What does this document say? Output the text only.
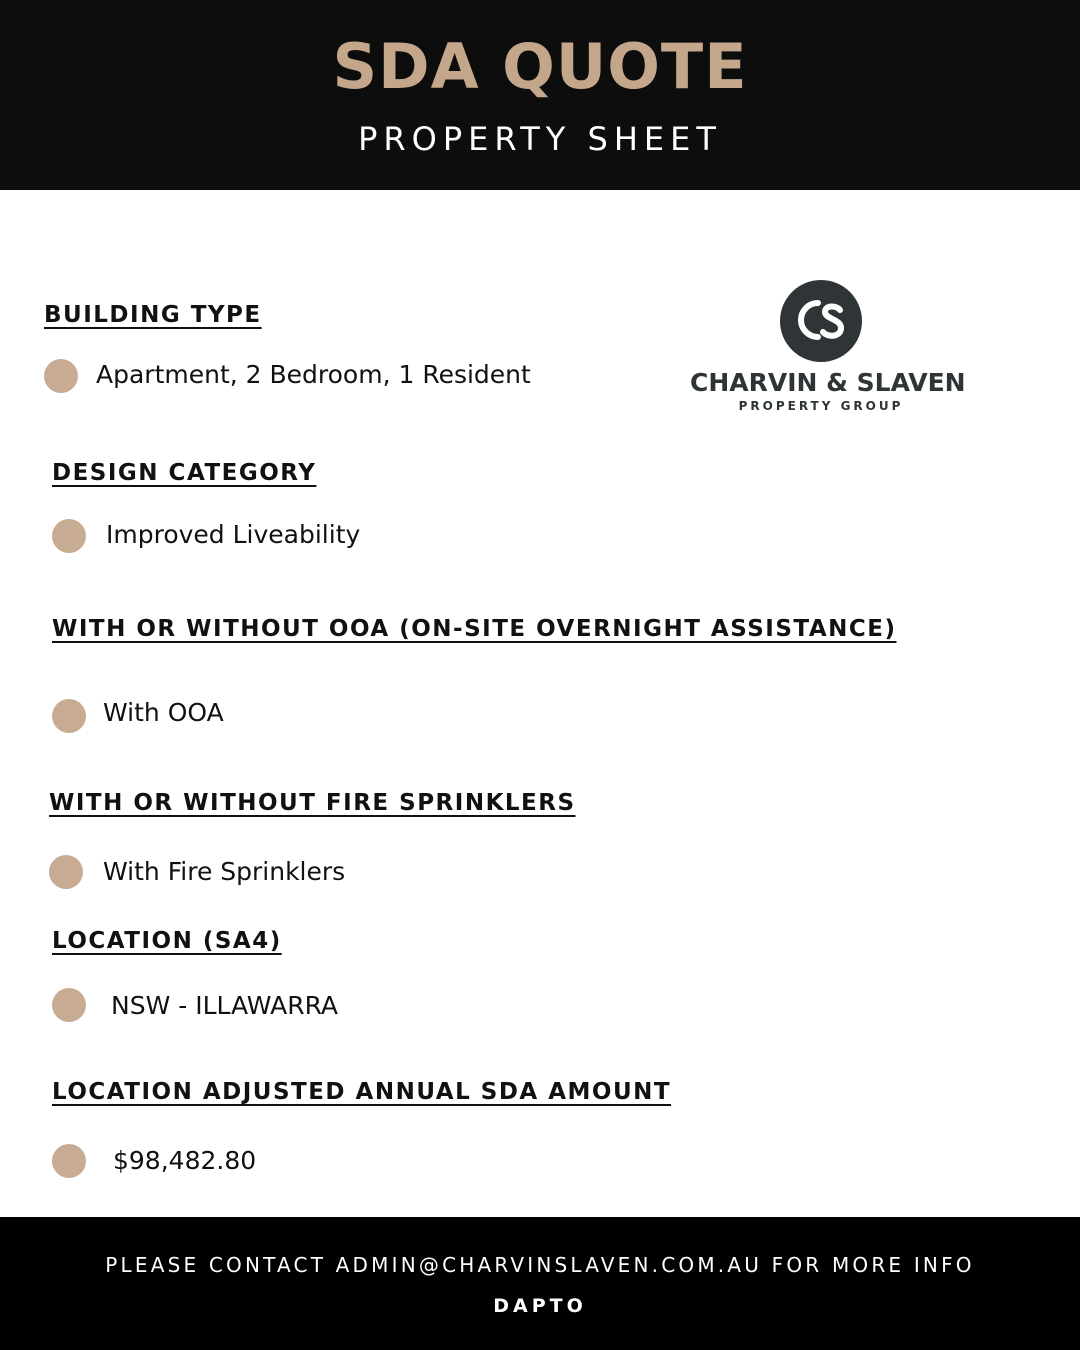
SDA QUOTE
PROPERTY SHEET
BUILDING TYPE
Apartment, 2 Bedroom, 1 Resident	CHARVIN & SLAVEN
PROPERTY GROUP
DESIGN CATEGORY
Improved Liveability
WITH OR WITHOUT OOA (ON-SITE OVERNIGHT ASSISTANCE)
With OOA
WITH OR WITHOUT FIRE SPRINKLERS
With Fire Sprinklers
LOCATION (SA4)
NSW - ILLAWARRA
LOCATION ADJUSTED ANNUAL SDA AMOUNT
$98,482.80
PLEASE CONTACT ADMIN@CHARVINSLAVEN.COM.AU FOR MORE INFO
DAPTO
